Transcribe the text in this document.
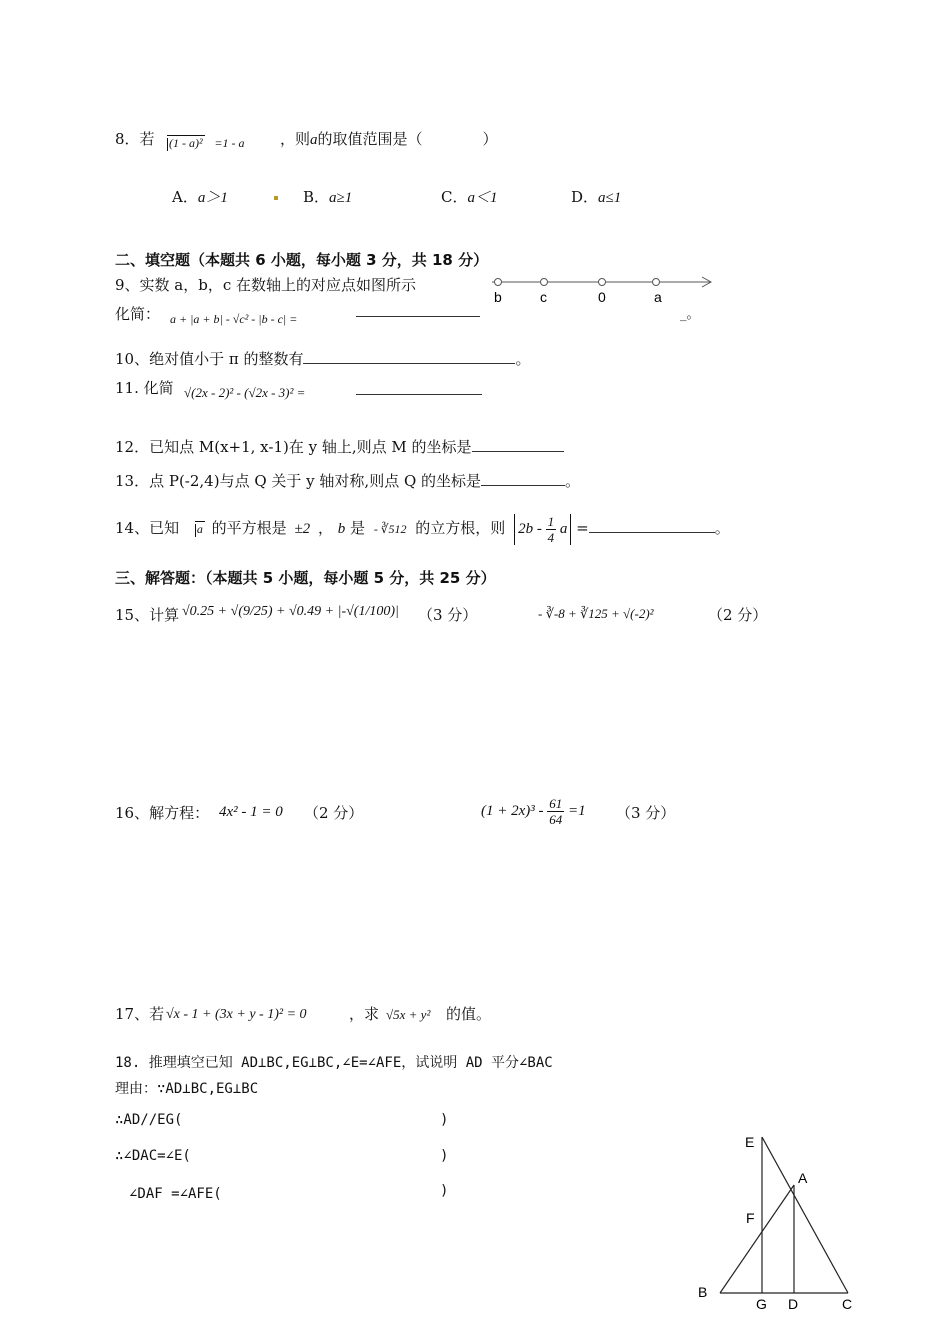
8．若	(1 - a)² =1 - a ，则a的取值范围是（　　　　）
A．a＞1	B．a≥1	C．a＜1	D．a≤1
二、填空题（本题共 6 小题，每小题 3 分，共 18 分）
9、实数 a，b，c 在数轴上的对应点如图所示
化简： a + |a + b| - √c² - |b - c| =	_。
b	c	0	a
10、绝对值小于 π 的整数有	。
11. 化简 √(2x - 2)² - (√2x - 3)² =
12．已知点 M(x+1, x-1)在 y 轴上,则点 M 的坐标是
13．点 P(-2,4)与点 Q 关于 y 轴对称,则点 Q 的坐标是	。
14、已知 a 的平方根是 ±2 ， b 是 - ∛512 的立方根，则 $2b - \frac{1}{4}$ a =	。
三、解答题：（本题共 5 小题，每小题 5 分，共 25 分）
15、计算 √0.25 + √(9/25) + √0.49 + |-√(1/100)| （3 分）	- ∛-8 + ∛125 + √(-2)²	（2 分）
16、解方程： 4x² - 1 = 0 （2 分）	$(1 + 2x)^3 - \frac{61}{64} =1$ （3 分）
17、若 √x - 1 + (3x + y - 1)² = 0	，求 √5x + y² 的值。
18. 推理填空已知 AD⊥BC,EG⊥BC,∠E=∠AFE，试说明 AD 平分∠BAC
理由：∵AD⊥BC,EG⊥BC
∴AD//EG(	)
∴∠DAC=∠E(	)
　∠DAF =∠AFE(	)
E
A
F
B
G D	C
